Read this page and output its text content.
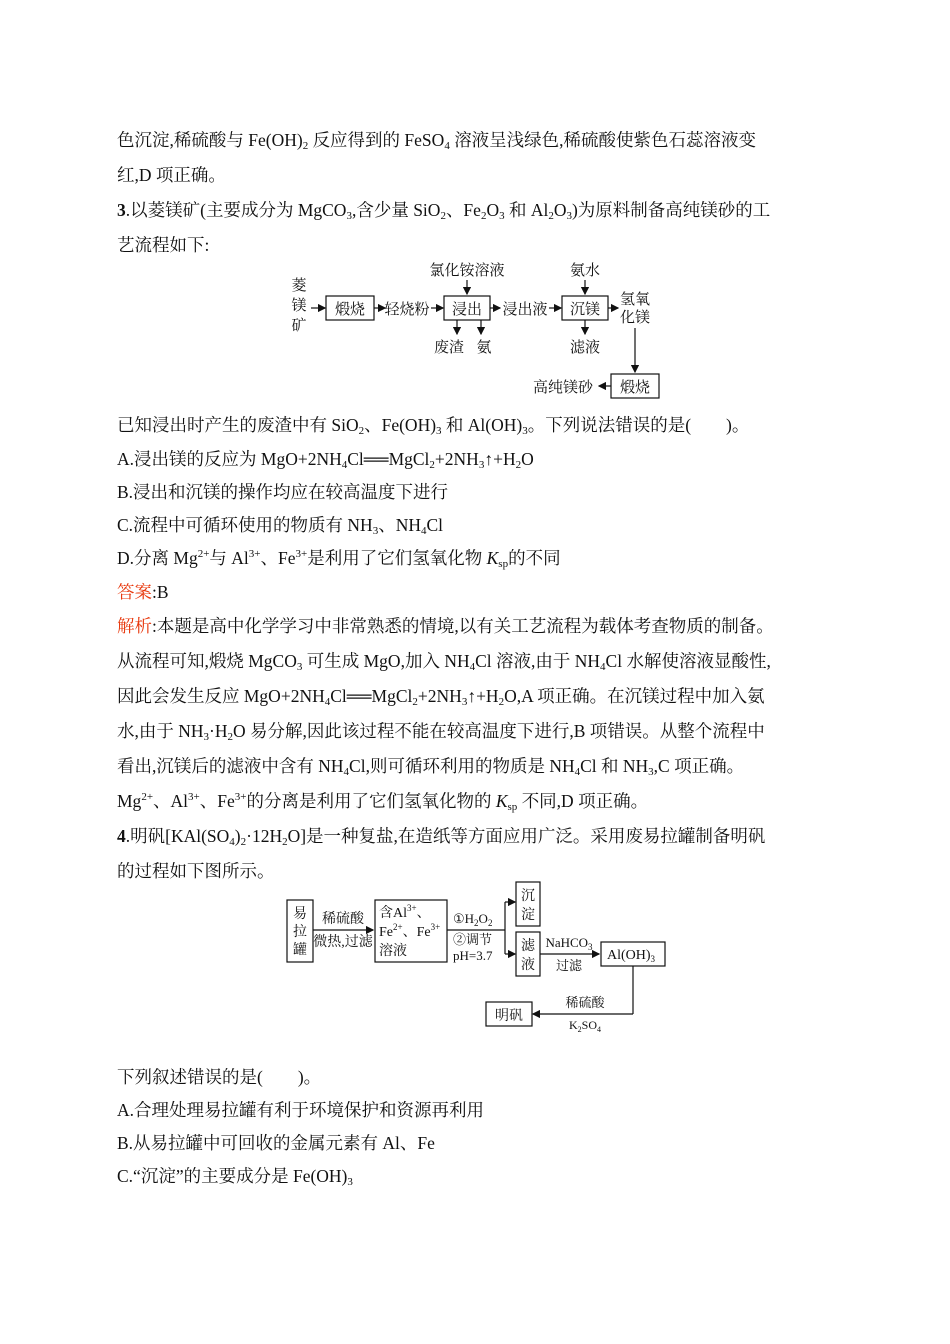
色沉淀,稀硫酸与 $Fe(OH)_2$ 反应得到的 FeSO$_4$ 溶液呈浅绿色,稀硫酸使紫色石蕊溶液变
红,D 项正确。
3.以菱镁矿(主要成分为 MgCO$_3$,含少量 SiO$_2$、$Fe_2O_3$ 和 $Al_2O_3$)为原料制备高纯镁砂的工
艺流程如下:
菱
镁
矿
煅烧 轻烧粉
氯化铵溶液
浸出
废渣 氨
浸出液
氨水
沉镁
滤液
氢氧
化镁
煅烧
高纯镁砂
已知浸出时产生的废渣中有 SiO$_2$、$Fe(OH)_3$ 和 $Al(OH)_3$。下列说法错误的是(　　)。
A.浸出镁的反应为 $MgO+2NH_4Cl══MgCl_2+2NH_3↑+H_2O$
B.浸出和沉镁的操作均应在较高温度下进行
C.流程中可循环使用的物质有 $NH_3$、$NH_4Cl$
D.分离 $Mg^{2+}$与 $Al^{3+}$、$Fe^{3+}$是利用了它们氢氧化物 $K_{sp}$的不同
答案:B
解析:本题是高中化学学习中非常熟悉的情境,以有关工艺流程为载体考查物质的制备。
从流程可知,煅烧 MgCO$_3$ 可生成 MgO,加入 $NH_4Cl$ 溶液,由于 $NH_4Cl$ 水解使溶液显酸性,
因此会发生反应 $MgO+2NH_4Cl══MgCl_2+2NH_3↑+H_2O,A$ 项正确。在沉镁过程中加入氨
水,由于 $NH_3\cdot H_2O$ 易分解,因此该过程不能在较高温度下进行,B 项错误。从整个流程中
看出,沉镁后的滤液中含有 $NH_4Cl$,则可循环利用的物质是 $NH_4Cl$ 和 $NH_3,C$ 项正确。
$Mg^{2+}$、$Al^{3+}$、$Fe^{3+}$的分离是利用了它们氢氧化物的 $K_{sp}$ 不同,D 项正确。
4.明矾$[KAl(SO_4)_2\cdot 12H_2O]$是一种复盐,在造纸等方面应用广泛。采用废易拉罐制备明矾
的过程如下图所示。
易
拉
罐
稀硫酸
微热,过滤
含$Al^{3+}$、
$Fe^{2+}$、$Fe^{3+}$
溶液
$①H_2O_2$
②调节
pH=3.7
沉
淀
滤
液
NaHCO$_3$
过滤
$Al(OH)_3$
稀硫酸
$K_2SO_4$
明矾
下列叙述错误的是(　　)。
A.合理处理易拉罐有利于环境保护和资源再利用
B.从易拉罐中可回收的金属元素有 Al、Fe
C.“沉淀”的主要成分是 $Fe(OH)_3$
